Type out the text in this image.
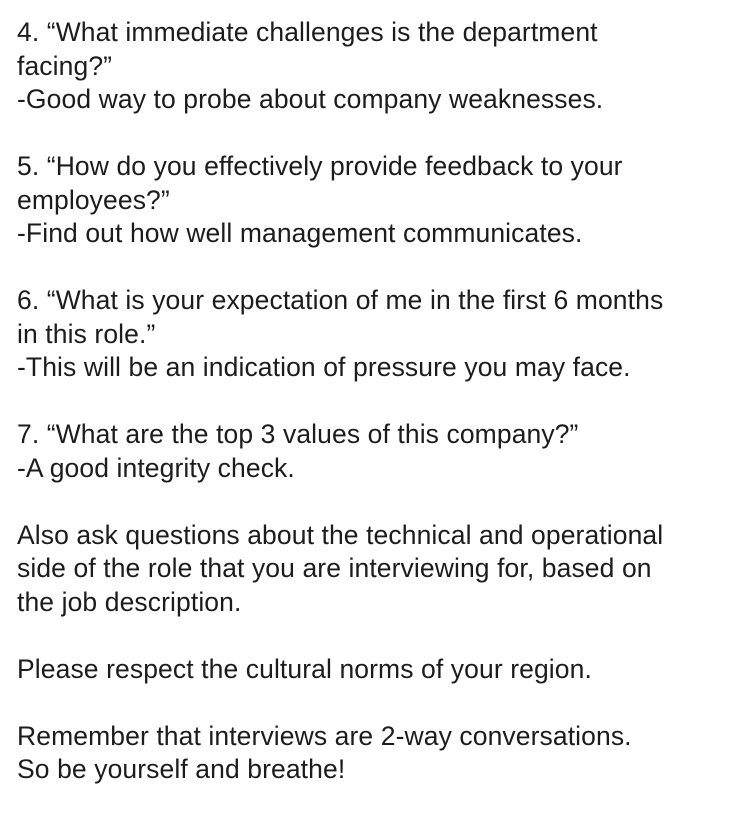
4. “What immediate challenges is the department
facing?”
-Good way to probe about company weaknesses.
5. “How do you effectively provide feedback to your
employees?”
-Find out how well management communicates.
6. “What is your expectation of me in the first 6 months
in this role.”
-This will be an indication of pressure you may face.
7. “What are the top 3 values of this company?”
-A good integrity check.
Also ask questions about the technical and operational
side of the role that you are interviewing for, based on
the job description.
Please respect the cultural norms of your region.
Remember that interviews are 2-way conversations.
So be yourself and breathe!
